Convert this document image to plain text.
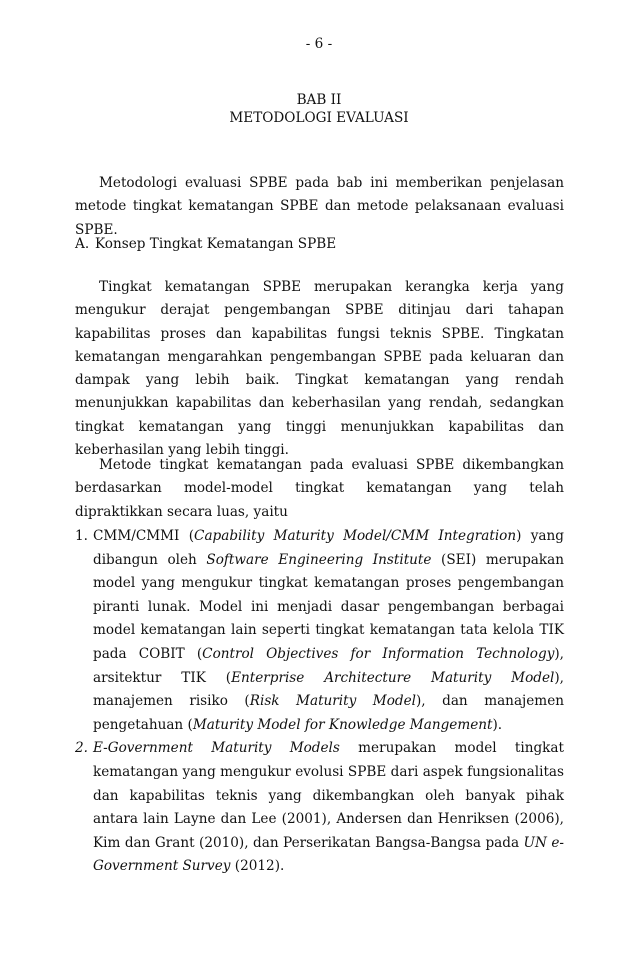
- 6 -
BAB II
METODOLOGI EVALUASI

Metodologi evaluasi SPBE pada bab ini memberikan penjelasan metode tingkat kematangan SPBE dan metode pelaksanaan evaluasi SPBE.

A. Konsep Tingkat Kematangan SPBE

Tingkat kematangan SPBE merupakan kerangka kerja yang mengukur derajat pengembangan SPBE ditinjau dari tahapan kapabilitas proses dan kapabilitas fungsi teknis SPBE. Tingkatan kematangan mengarahkan pengembangan SPBE pada keluaran dan dampak yang lebih baik. Tingkat kematangan yang rendah menunjukkan kapabilitas dan keberhasilan yang rendah, sedangkan tingkat kematangan yang tinggi menunjukkan kapabilitas dan keberhasilan yang lebih tinggi.

Metode tingkat kematangan pada evaluasi SPBE dikembangkan berdasarkan model-model tingkat kematangan yang telah dipraktikkan secara luas, yaitu

1. CMM/CMMI (Capability Maturity Model/CMM Integration) yang dibangun oleh Software Engineering Institute (SEI) merupakan model yang mengukur tingkat kematangan proses pengembangan piranti lunak. Model ini menjadi dasar pengembangan berbagai model kematangan lain seperti tingkat kematangan tata kelola TIK pada COBIT (Control Objectives for Information Technology), arsitektur TIK (Enterprise Architecture Maturity Model), manajemen risiko (Risk Maturity Model), dan manajemen pengetahuan (Maturity Model for Knowledge Mangement).
2. E-Government Maturity Models merupakan model tingkat kematangan yang mengukur evolusi SPBE dari aspek fungsionalitas dan kapabilitas teknis yang dikembangkan oleh banyak pihak antara lain Layne dan Lee (2001), Andersen dan Henriksen (2006), Kim dan Grant (2010), dan Perserikatan Bangsa-Bangsa pada UN e-Government Survey (2012).
